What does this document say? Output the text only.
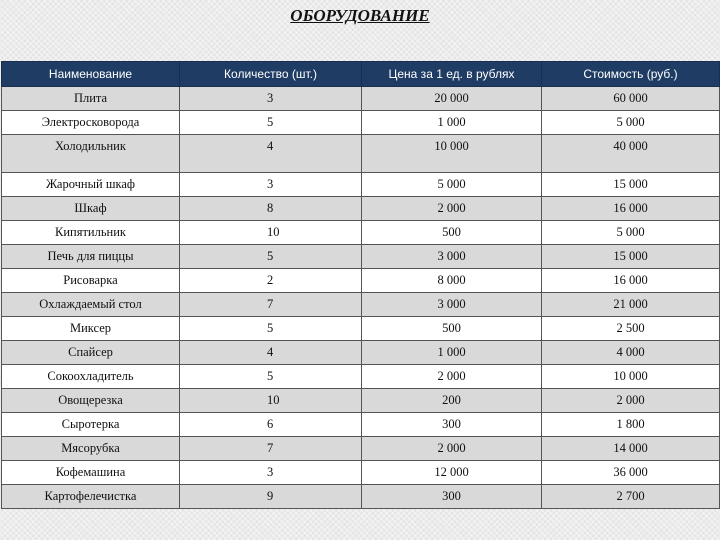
ОБОРУДОВАНИЕ
Наименование	Количество (шт.)	Цена за 1 ед. в рублях	Стоимость (руб.)
Плита	3	20 000	60 000
Электросковорода	5	1 000	5 000
Холодильник	4	10 000	40 000
Жарочный шкаф	3	5 000	15 000
Шкаф	8	2 000	16 000
Кипятильник	10	500	5 000
Печь для пиццы	5	3 000	15 000
Рисоварка	2	8 000	16 000
Охлаждаемый стол	7	3 000	21 000
Миксер	5	500	2 500
Спайсер	4	1 000	4 000
Сокоохладитель	5	2 000	10 000
Овощерезка	10	200	2 000
Сыротерка	6	300	1 800
Мясорубка	7	2 000	14 000
Кофемашина	3	12 000	36 000
Картофелечистка	9	300	2 700
